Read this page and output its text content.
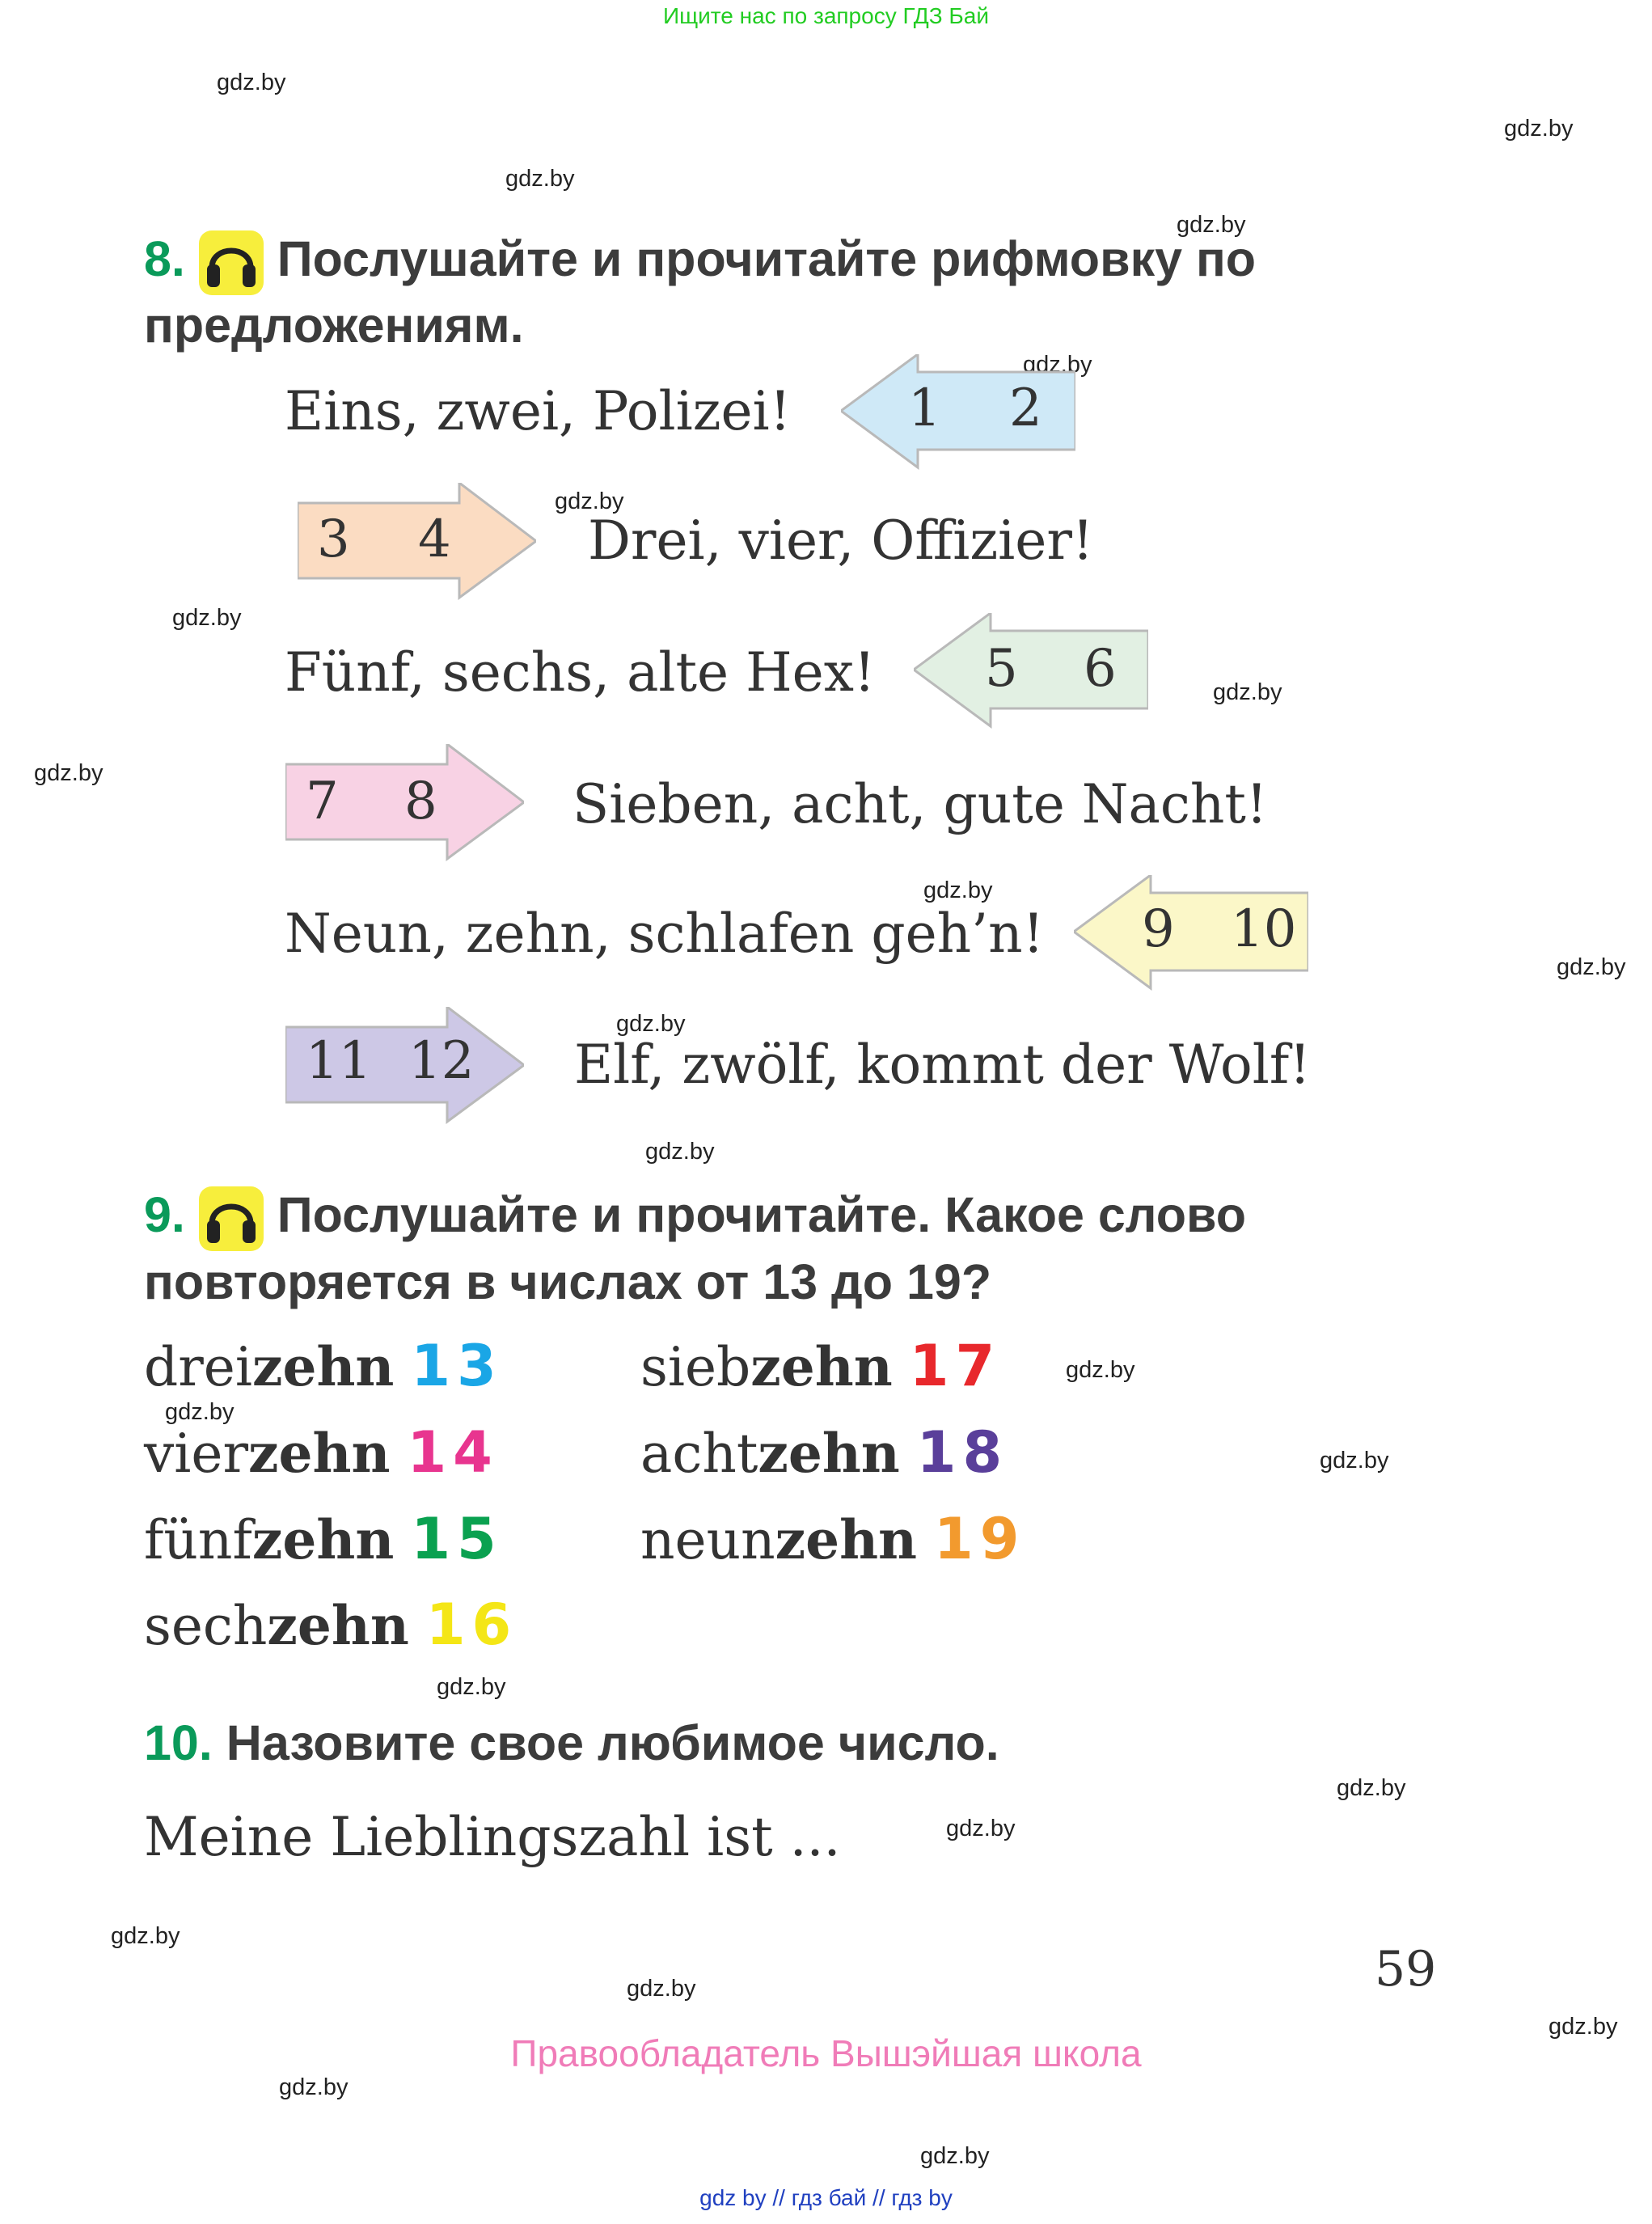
Ищите нас по запросу ГДЗ Бай
gdz.by
gdz.by
gdz.by
gdz.by
gdz.by
gdz.by
gdz.by
gdz.by
gdz.by
gdz.by
gdz.by
gdz.by
gdz.by
gdz.by
gdz.by
gdz.by
gdz.by
gdz.by
gdz.by
gdz.by
gdz.by
gdz.by
gdz.by
gdz.by
8. Послушайте и прочитайте рифмовку по
предложениям.
Eins, zwei, Polizei! 1 2
3 4	Drei, vier, Offizier!
Fünf, sechs, alte Hex! 5 6
7 8	Sieben, acht, gute Nacht!
Neun, zehn, schlafen geh’n! 9 10
11 12 Elf, zwölf, kommt der Wolf!
9. Послушайте и прочитайте. Какое слово
повторяется в числах от 13 до 19?
dreizehn 13
vierzehn 14
fünfzehn 15
sechzehn 16
siebzehn 17
achtzehn 18
neunzehn 19
10. Назовите свое любимое число.
Meine Lieblingszahl ist ...
59
Правообладатель Вышэйшая школа
gdz by // гдз бай // гдз by
